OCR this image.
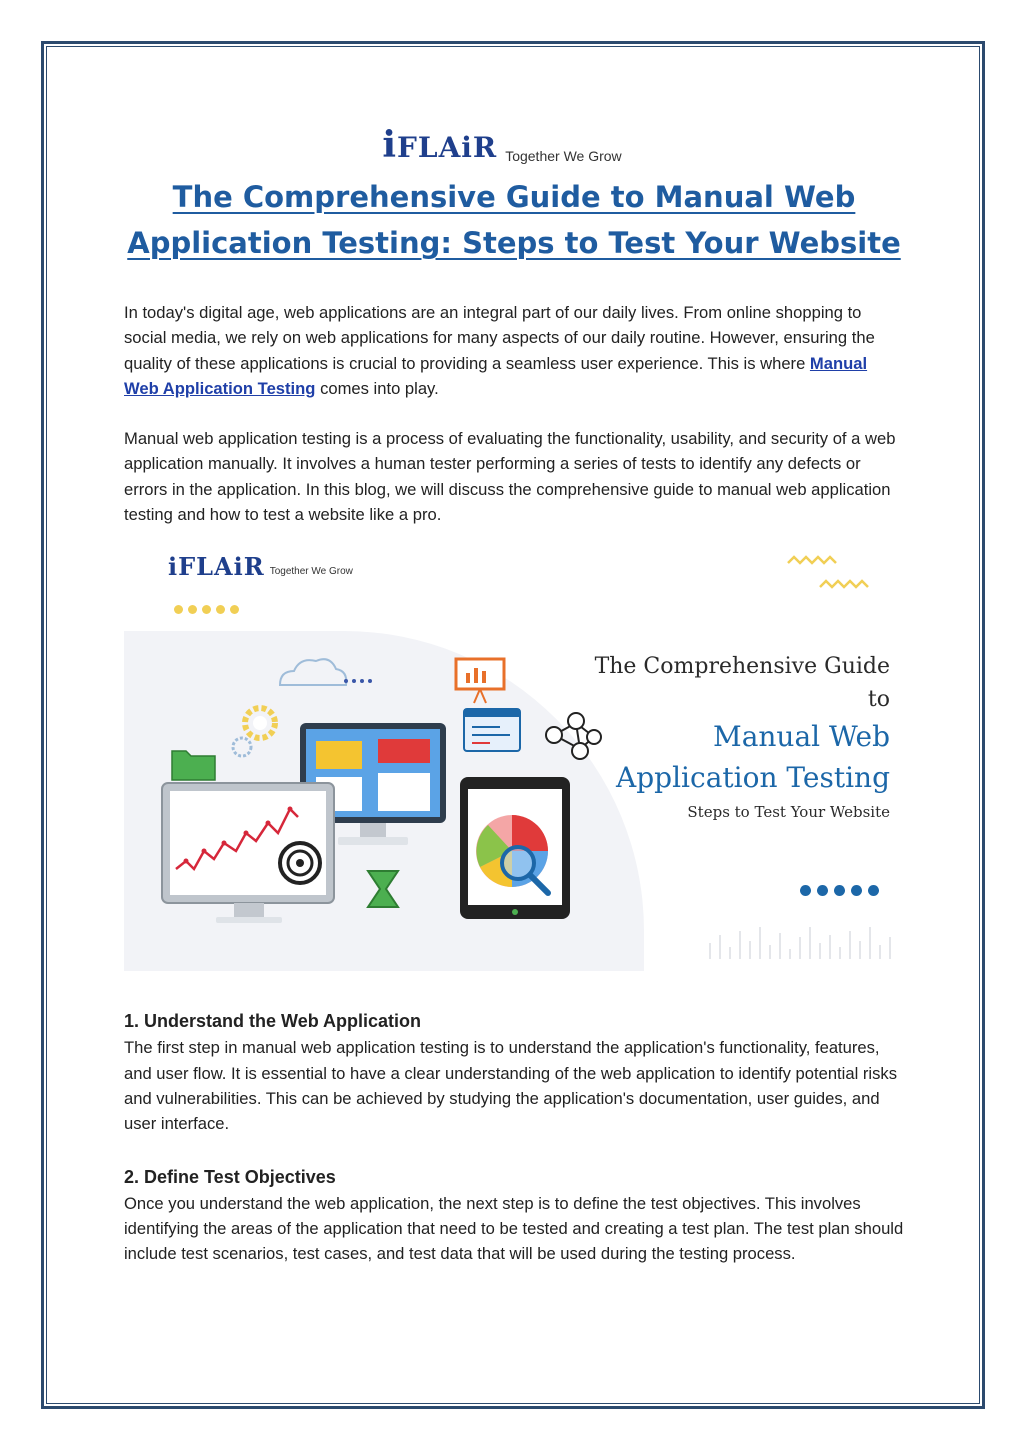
iFLAiR Together We Grow
The Comprehensive Guide to Manual Web Application Testing: Steps to Test Your Website

In today's digital age, web applications are an integral part of our daily lives. From online shopping to social media, we rely on web applications for many aspects of our daily routine. However, ensuring the quality of these applications is crucial to providing a seamless user experience. This is where Manual Web Application Testing comes into play.

Manual web application testing is a process of evaluating the functionality, usability, and security of a web application manually. It involves a human tester performing a series of tests to identify any defects or errors in the application. In this blog, we will discuss the comprehensive guide to manual web application testing and how to test a website like a pro.

iFLAiR Together We Grow
The Comprehensive Guide
to
Manual Web
Application Testing
Steps to Test Your Website
1. Understand the Web Application

The first step in manual web application testing is to understand the application's functionality, features, and user flow. It is essential to have a clear understanding of the web application to identify potential risks and vulnerabilities. This can be achieved by studying the application's documentation, user guides, and user interface.

2. Define Test Objectives

Once you understand the web application, the next step is to define the test objectives. This involves identifying the areas of the application that need to be tested and creating a test plan. The test plan should include test scenarios, test cases, and test data that will be used during the testing process.
